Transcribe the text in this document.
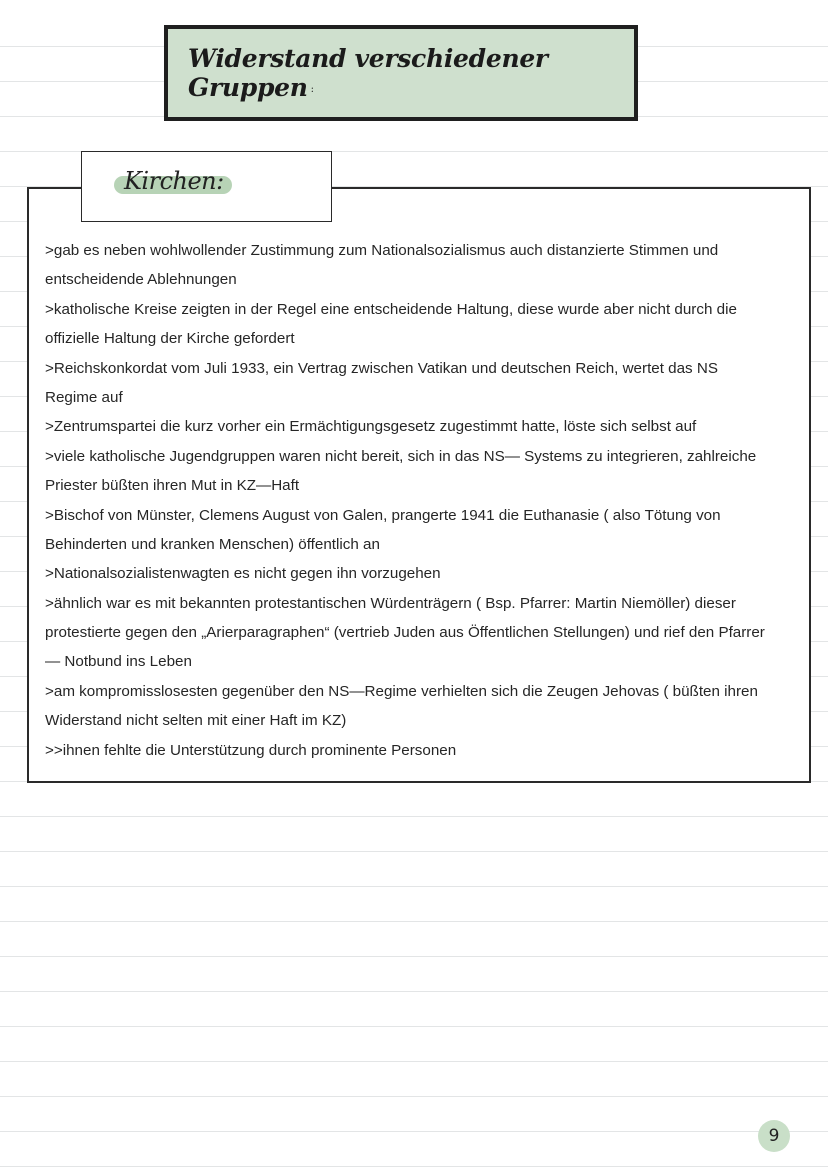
Widerstand verschiedener Gruppen :
Kirchen:
>gab es neben wohlwollender Zustimmung zum Nationalsozialismus auch distanzierte Stimmen und
entscheidende Ablehnungen
>katholische Kreise zeigten in der Regel eine entscheidende Haltung, diese wurde aber nicht durch die
offizielle Haltung der Kirche gefordert
>Reichskonkordat vom Juli 1933, ein Vertrag zwischen Vatikan und deutschen Reich, wertet das NS
Regime auf
>Zentrumspartei die kurz vorher ein Ermächtigungsgesetz zugestimmt hatte, löste sich selbst auf
>viele katholische Jugendgruppen waren nicht bereit, sich in das NS— Systems zu integrieren, zahlreiche
Priester büßten ihren Mut in KZ—Haft
>Bischof von Münster, Clemens August von Galen, prangerte 1941 die Euthanasie ( also Tötung von
Behinderten und kranken Menschen) öffentlich an
>Nationalsozialistenwagten es nicht gegen ihn vorzugehen
>ähnlich war es mit bekannten protestantischen Würdenträgern ( Bsp. Pfarrer: Martin Niemöller) dieser
protestierte gegen den „Arierparagraphen“ (vertrieb Juden aus Öffentlichen Stellungen) und rief den Pfarrer
— Notbund ins Leben
>am kompromisslosesten gegenüber den NS—Regime verhielten sich die Zeugen Jehovas ( büßten ihren
Widerstand nicht selten mit einer Haft im KZ)
>>ihnen fehlte die Unterstützung durch prominente Personen
9
